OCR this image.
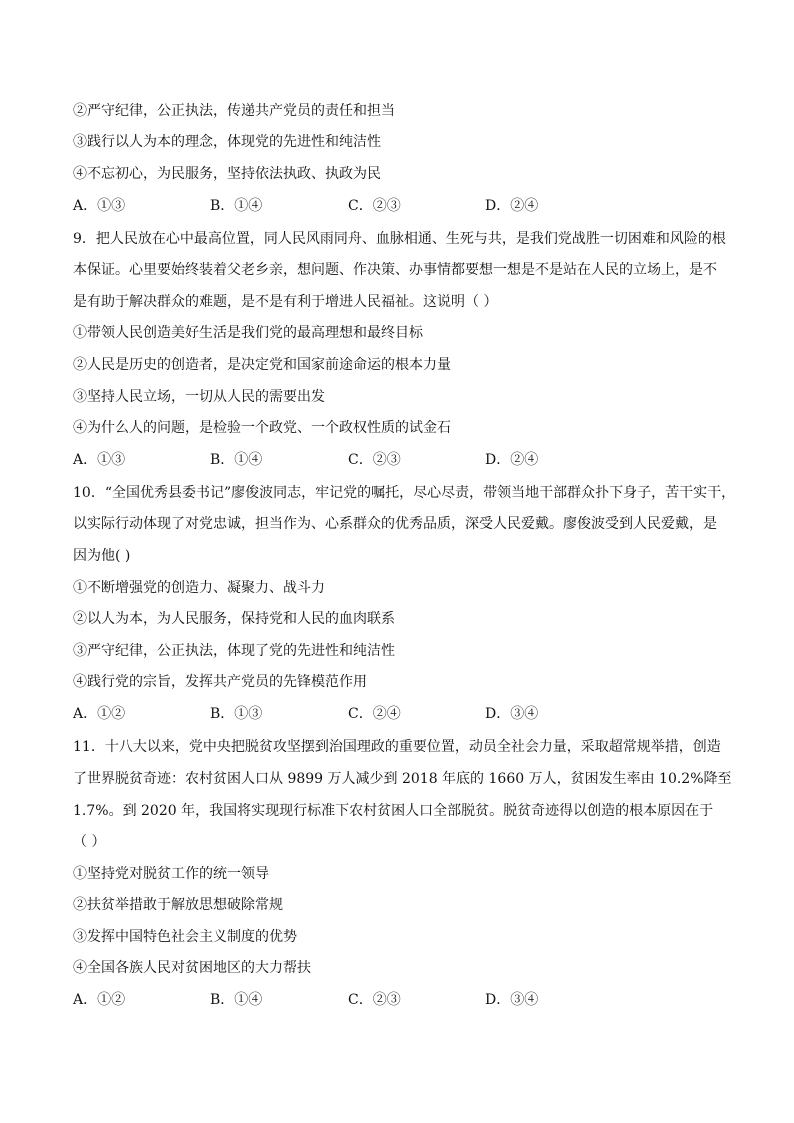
②严守纪律，公正执法，传递共产党员的责任和担当
③践行以人为本的理念，体现党的先进性和纯洁性
④不忘初心，为民服务，坚持依法执政、执政为民
A．①③	B．①④	C．②③	D．②④
9．把人民放在心中最高位置，同人民风雨同舟、血脉相通、生死与共，是我们党战胜一切困难和风险的根
本保证。心里要始终装着父老乡亲，想问题、作决策、办事情都要想一想是不是站在人民的立场上，是不
是有助于解决群众的难题，是不是有利于增进人民福祉。这说明（ ）
①带领人民创造美好生活是我们党的最高理想和最终目标
②人民是历史的创造者，是决定党和国家前途命运的根本力量
③坚持人民立场，一切从人民的需要出发
④为什么人的问题，是检验一个政党、一个政权性质的试金石
A．①③	B．①④	C．②③	D．②④
10．“全国优秀县委书记”廖俊波同志，牢记党的嘱托，尽心尽责，带领当地干部群众扑下身子，苦干实干，
以实际行动体现了对党忠诚，担当作为、心系群众的优秀品质，深受人民爱戴。廖俊波受到人民爱戴，是
因为他( )
①不断增强党的创造力、凝聚力、战斗力
②以人为本，为人民服务，保持党和人民的血肉联系
③严守纪律，公正执法，体现了党的先进性和纯洁性
④践行党的宗旨，发挥共产党员的先锋模范作用
A．①②	B．①③	C．②④	D．③④
11．十八大以来，党中央把脱贫攻坚摆到治国理政的重要位置，动员全社会力量，采取超常规举措，创造
了世界脱贫奇迹：农村贫困人口从 9899 万人减少到 2018 年底的 1660 万人，贫困发生率由 10.2%降至
1.7%。到 2020 年，我国将实现现行标准下农村贫困人口全部脱贫。脱贫奇迹得以创造的根本原因在于
（ ）
①坚持党对脱贫工作的统一领导
②扶贫举措敢于解放思想破除常规
③发挥中国特色社会主义制度的优势
④全国各族人民对贫困地区的大力帮扶
A．①②	B．①④	C．②③	D．③④
